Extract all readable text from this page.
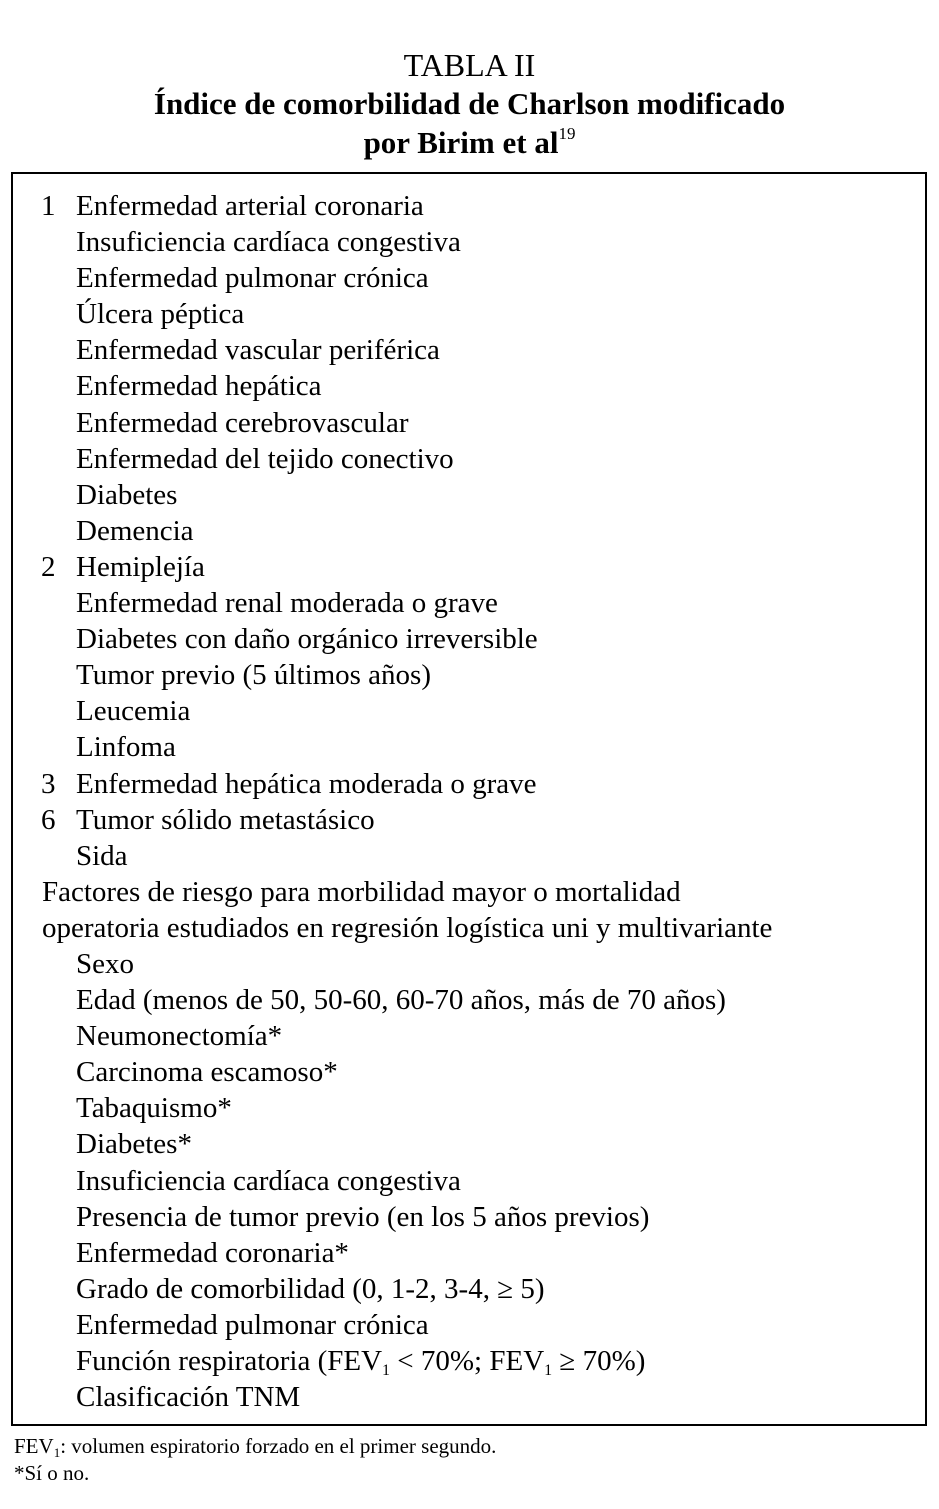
TABLA II
Índice de comorbilidad de Charlson modificado
por Birim et $al^{19}$
1 Enfermedad arterial coronaria
Insuficiencia cardíaca congestiva
Enfermedad pulmonar crónica
Úlcera péptica
Enfermedad vascular periférica
Enfermedad hepática
Enfermedad cerebrovascular
Enfermedad del tejido conectivo
Diabetes
Demencia
2 Hemiplejía
Enfermedad renal moderada o grave
Diabetes con daño orgánico irreversible
Tumor previo (5 últimos años)
Leucemia
Linfoma
3 Enfermedad hepática moderada o grave
6 Tumor sólido metastásico
Sida
Factores de riesgo para morbilidad mayor o mortalidad
operatoria estudiados en regresión logística uni y multivariante
Sexo
Edad (menos de 50, 50-60, 60-70 años, más de 70 años)
Neumonectomía*
Carcinoma escamoso*
Tabaquismo*
Diabetes*
Insuficiencia cardíaca congestiva
Presencia de tumor previo (en los 5 años previos)
Enfermedad coronaria*
Grado de comorbilidad (0, 1-2, 3-4, ≥ 5)
Enfermedad pulmonar crónica
Función respiratoria ($FEV_1 < 70\%$; $FEV_1 \ge 70\%$)
Clasificación TNM
$FEV_1$: volumen espiratorio forzado en el primer segundo.
*Sí o no.
